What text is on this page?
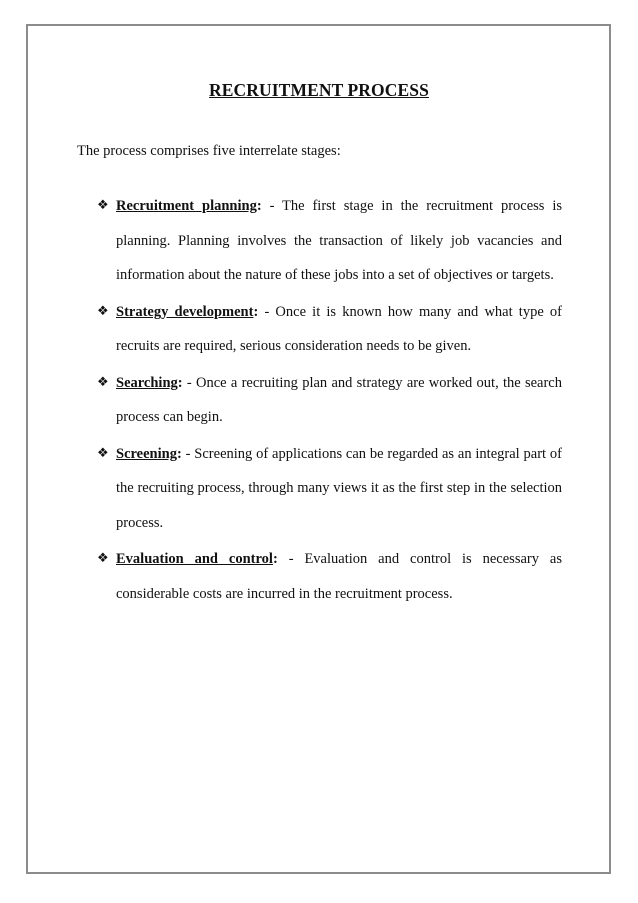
RECRUITMENT PROCESS

The process comprises five interrelate stages:

❖ Recruitment planning: - The first stage in the recruitment process is planning. Planning involves the transaction of likely job vacancies and information about the nature of these jobs into a set of objectives or targets.
❖ Strategy development: - Once it is known how many and what type of recruits are required, serious consideration needs to be given.
❖ Searching: - Once a recruiting plan and strategy are worked out, the search process can begin.
❖ Screening: - Screening of applications can be regarded as an integral part of the recruiting process, through many views it as the first step in the selection process.
❖ Evaluation and control: - Evaluation and control is necessary as considerable costs are incurred in the recruitment process.
